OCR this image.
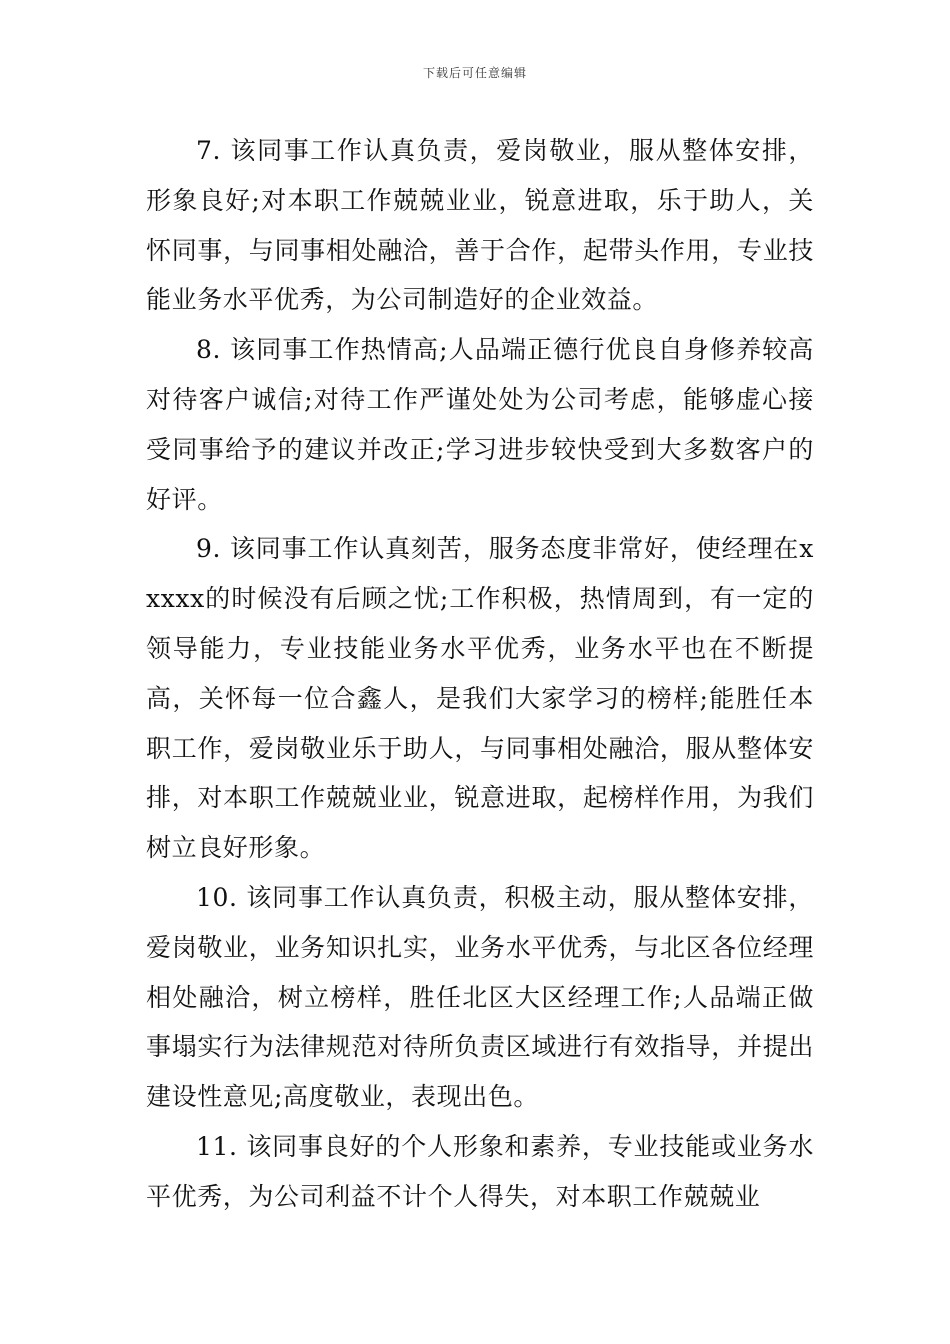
下载后可任意编辑

7. 该同事工作认真负责，爱岗敬业，服从整体安排，形象良好;对本职工作兢兢业业，锐意进取，乐于助人，关怀同事，与同事相处融洽，善于合作，起带头作用，专业技能业务水平优秀，为公司制造好的企业效益。

8. 该同事工作热情高;人品端正德行优良自身修养较高对待客户诚信;对待工作严谨处处为公司考虑，能够虚心接受同事给予的建议并改正;学习进步较快受到大多数客户的好评。

9. 该同事工作认真刻苦，服务态度非常好，使经理在xxxxx的时候没有后顾之忧;工作积极，热情周到，有一定的领导能力，专业技能业务水平优秀，业务水平也在不断提高，关怀每一位合鑫人，是我们大家学习的榜样;能胜任本职工作，爱岗敬业乐于助人，与同事相处融洽，服从整体安排，对本职工作兢兢业业，锐意进取，起榜样作用，为我们树立良好形象。

10. 该同事工作认真负责，积极主动，服从整体安排，爱岗敬业，业务知识扎实，业务水平优秀，与北区各位经理相处融洽，树立榜样，胜任北区大区经理工作;人品端正做事塌实行为法律规范对待所负责区域进行有效指导，并提出建设性意见;高度敬业，表现出色。

11. 该同事良好的个人形象和素养，专业技能或业务水平优秀，为公司利益不计个人得失，对本职工作兢兢业
